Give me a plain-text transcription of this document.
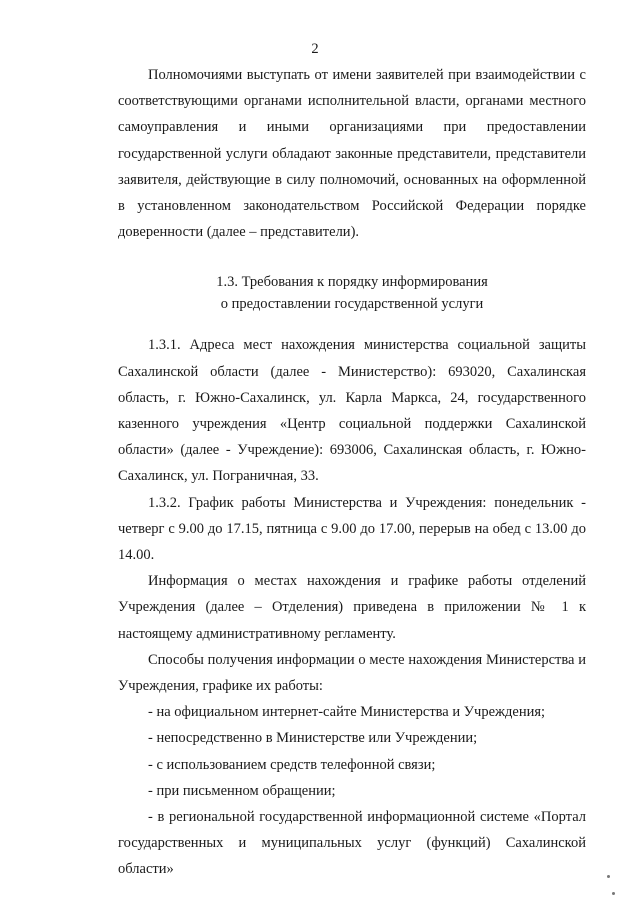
2

Полномочиями выступать от имени заявителей при взаимодействии с соответствующими органами исполнительной власти, органами местного самоуправления и иными организациями при предоставлении государственной услуги обладают законные представители, представители заявителя, действующие в силу полномочий, основанных на оформленной в установленном законодательством Российской Федерации порядке доверенности (далее – представители).

1.3. Требования к порядку информирования
о предоставлении государственной услуги

1.3.1. Адреса мест нахождения министерства социальной защиты Сахалинской области (далее - Министерство): 693020, Сахалинская область, г. Южно-Сахалинск, ул. Карла Маркса, 24, государственного казенного учреждения «Центр социальной поддержки Сахалинской области» (далее - Учреждение): 693006, Сахалинская область, г. Южно-Сахалинск, ул. Пограничная, 33.

1.3.2. График работы Министерства и Учреждения: понедельник - четверг с 9.00 до 17.15, пятница с 9.00 до 17.00, перерыв на обед с 13.00 до 14.00.

Информация о местах нахождения и графике работы отделений Учреждения (далее – Отделения) приведена в приложении № 1 к настоящему административному регламенту.

Способы получения информации о месте нахождения Министерства и Учреждения, графике их работы:

- на официальном интернет-сайте Министерства и Учреждения;

- непосредственно в Министерстве или Учреждении;

- с использованием средств телефонной связи;

- при письменном обращении;

- в региональной государственной информационной системе «Портал государственных и муниципальных услуг (функций) Сахалинской области»
